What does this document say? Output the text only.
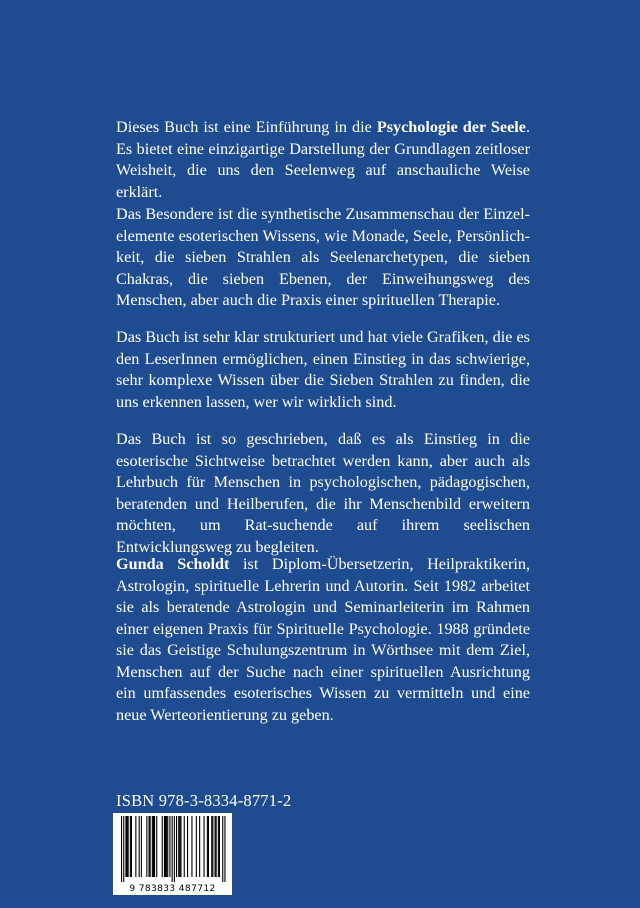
Dieses Buch ist eine Einführung in die Psychologie der Seele. Es bietet eine einzigartige Darstellung der Grundlagen zeitloser Weisheit, die uns den Seelenweg auf anschauliche Weise erklärt.

Das Besondere ist die synthetische Zusammenschau der Einzel-elemente esoterischen Wissens, wie Monade, Seele, Persönlich-keit, die sieben Strahlen als Seelenarchetypen, die sieben Chakras, die sieben Ebenen, der Einweihungsweg des Menschen, aber auch die Praxis einer spirituellen Therapie.

Das Buch ist sehr klar strukturiert und hat viele Grafiken, die es den LeserInnen ermöglichen, einen Einstieg in das schwierige, sehr komplexe Wissen über die Sieben Strahlen zu finden, die uns erkennen lassen, wer wir wirklich sind.

Das Buch ist so geschrieben, daß es als Einstieg in die esoterische Sichtweise betrachtet werden kann, aber auch als Lehrbuch für Menschen in psychologischen, pädagogischen, beratenden und Heilberufen, die ihr Menschenbild erweitern möchten, um Rat-suchende auf ihrem seelischen Entwicklungsweg zu begleiten.

Gunda Scholdt ist Diplom-Übersetzerin, Heilpraktikerin, Astrologin, spirituelle Lehrerin und Autorin. Seit 1982 arbeitet sie als beratende Astrologin und Seminarleiterin im Rahmen einer eigenen Praxis für Spirituelle Psychologie. 1988 gründete sie das Geistige Schulungszentrum in Wörthsee mit dem Ziel, Menschen auf der Suche nach einer spirituellen Ausrichtung ein umfassendes esoterisches Wissen zu vermitteln und eine neue Werteorientierung zu geben.

ISBN 978-3-8334-8771-2
9 783833 487712
